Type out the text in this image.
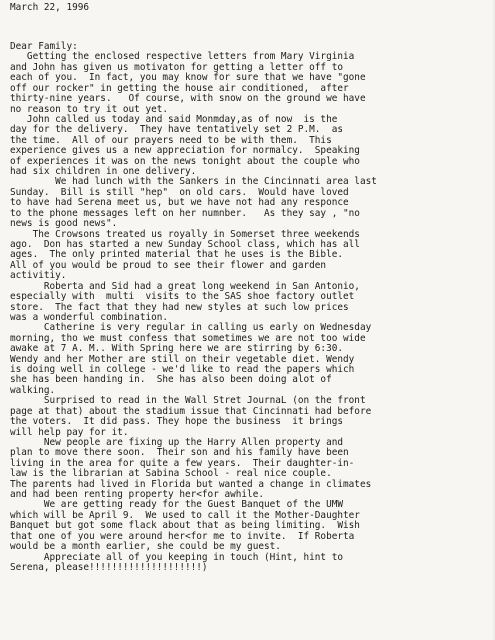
March 22, 1996

Dear Family:
Getting the enclosed respective letters from Mary Virginia
and John has given us motivaton for getting a letter off to
each of you.  In fact, you may know for sure that we have "gone
off our rocker" in getting the house air conditioned,  after
thirty-nine years.   Of course, with snow on the ground we have
no reason to try it out yet.
John called us today and said Monmday,as of now  is the
day for the delivery.  They have tentatively set 2 P.M.  as
the time.  All of our prayers need to be with them.  This
experience gives us a new appreciation for normalcy.  Speaking
of experiences it was on the news tonight about the couple who
had six children in one delivery.
We had lunch with the Sankers in the Cincinnati area last
Sunday.  Bill is still "hep"  on old cars.  Would have loved
to have had Serena meet us, but we have not had any responce
to the phone messages left on her numnber.   As they say , "no
news is good news".
The Crowsons treated us royally in Somerset three weekends
ago.  Don has started a new Sunday School class, which has all
ages.  The only printed material that he uses is the Bible.
All of you would be proud to see their flower and garden
activitiy.
Roberta and Sid had a great long weekend in San Antonio,
especially with  multi  visits to the SAS shoe factory outlet
store.  The fact that they had new styles at such low prices
was a wonderful combination.
Catherine is very regular in calling us early on Wednesday
morning, tho we must confess that sometimes we are not too wide
awake at 7 A. M.. With Spring here we are stirring by 6:30.
Wendy and her Mother are still on their vegetable diet. Wendy
is doing well in college - we'd like to read the papers which
she has been handing in.  She has also been doing alot of
walking.
Surprised to read in the Wall Stret JournaL (on the front
page at that) about the stadium issue that Cincinnati had before
the voters.  It did pass. They hope the business  it brings
will help pay for it.
New people are fixing up the Harry Allen property and
plan to move there soon.  Their son and his family have been
living in the area for quite a few years.  Their daughter-in-
law is the librarian at Sabina School - real nice couple.
The parents had lived in Florida but wanted a change in climates
and had been renting property her<for awhile.
We are getting ready for the Guest Banquet of the UMW
which will be April 9.  We used to call it the Mother-Daughter
Banquet but got some flack about that as being limiting.  Wish
that one of you were around her<for me to invite.  If Roberta
would be a month earlier, she could be my guest.
Appreciate all of you keeping in touch (Hint, hint to
Serena, please!!!!!!!!!!!!!!!!!!!!)
